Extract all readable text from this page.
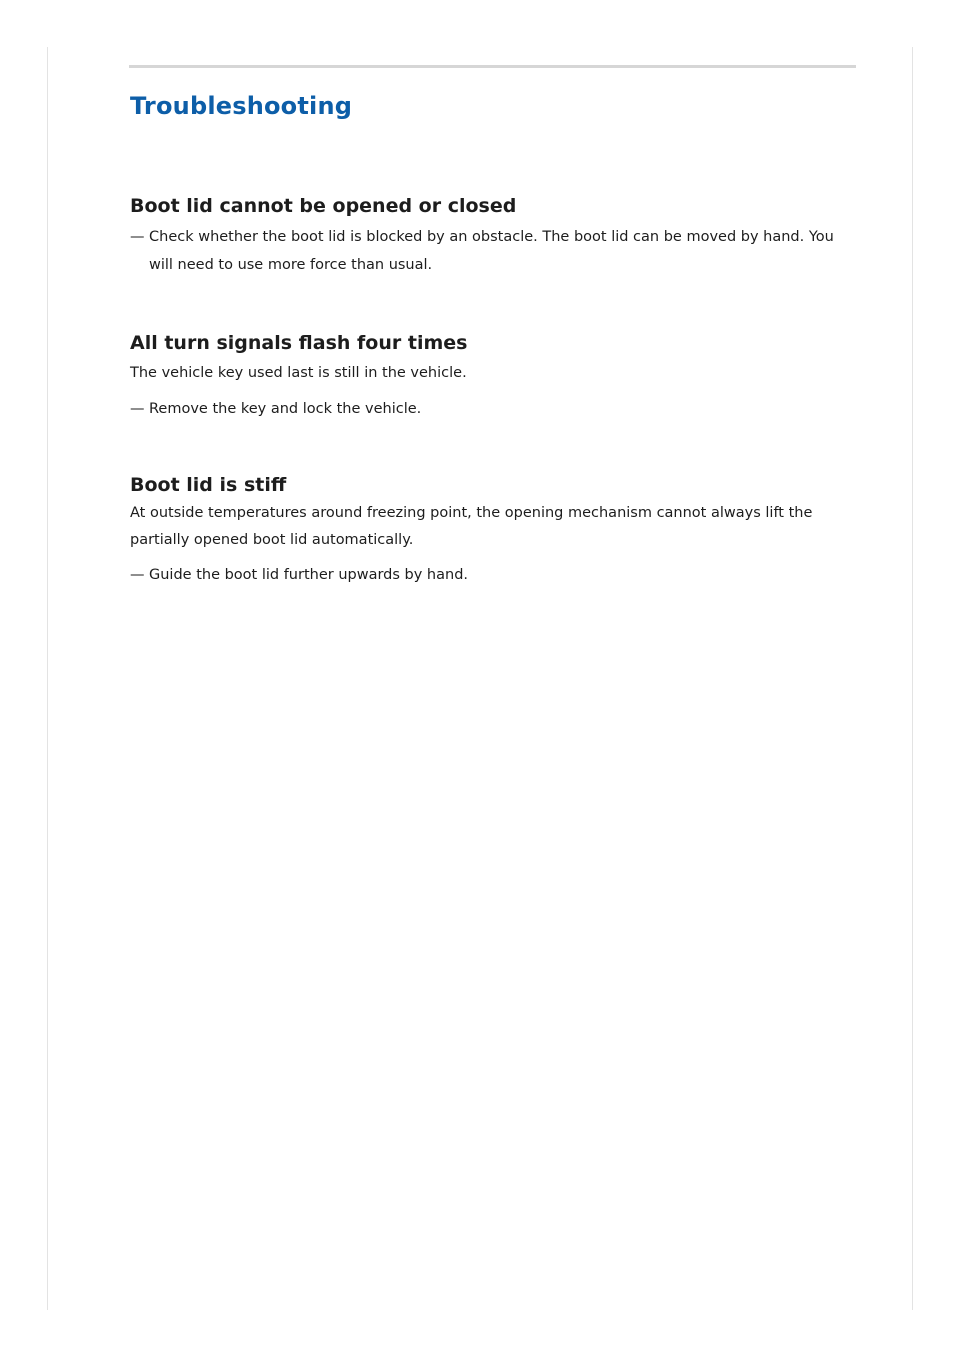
Troubleshooting
Boot lid cannot be opened or closed

— Check whether the boot lid is blocked by an obstacle. The boot lid can be moved by hand. You will need to use more force than usual.

All turn signals flash four times

The vehicle key used last is still in the vehicle.

— Remove the key and lock the vehicle.

Boot lid is stiff

At outside temperatures around freezing point, the opening mechanism cannot always lift the partially opened boot lid automatically.

— Guide the boot lid further upwards by hand.
